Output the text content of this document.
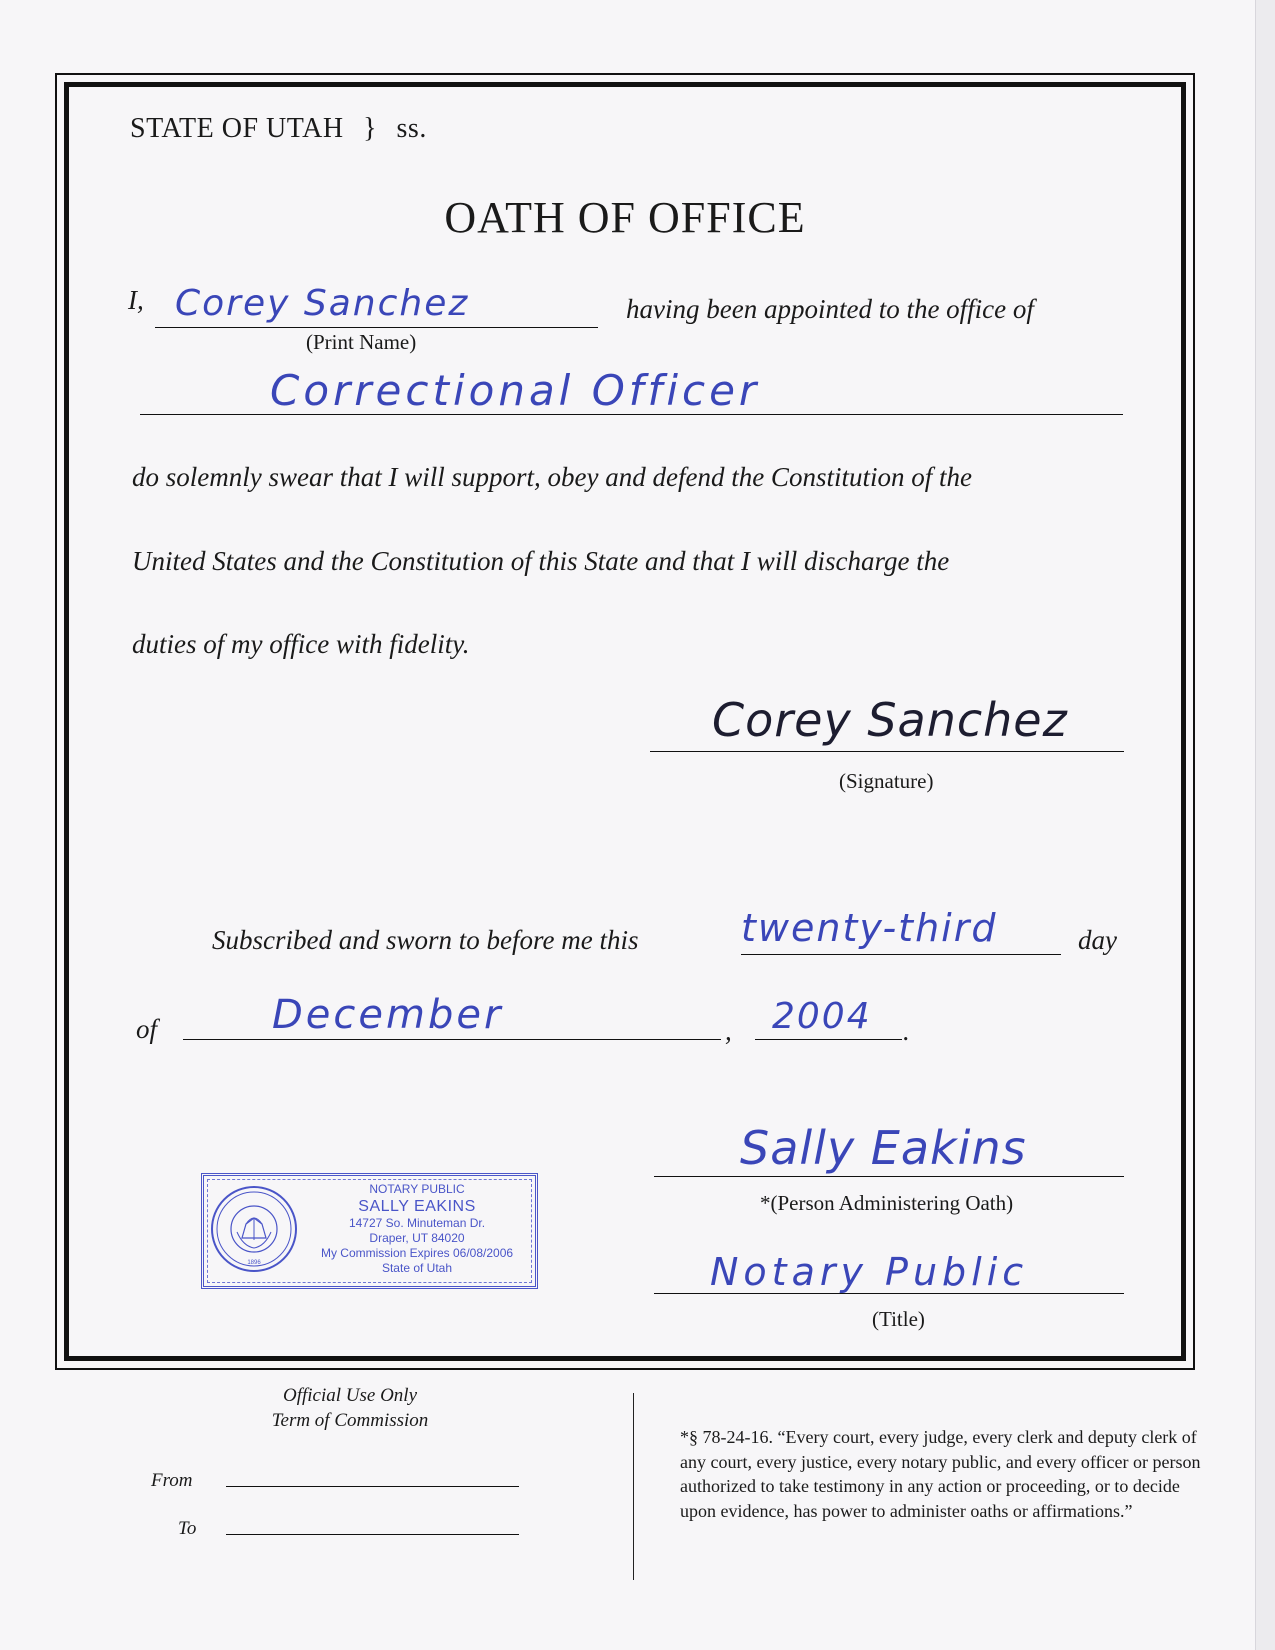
STATE OF UTAH } ss.
OATH OF OFFICE
I, Corey Sanchez
(Print Name)
having been appointed to the office of
Correctional Officer
do solemnly swear that I will support, obey and defend the Constitution of the
United States and the Constitution of this State and that I will discharge the
duties of my office with fidelity.
Corey Sanchez
(Signature)
Subscribed and sworn to before me this	twenty-third	day
of	December	, 2004 .
Sally Eakins
*(Person Administering Oath)
Notary Public
(Title)
1896
NOTARY PUBLIC
SALLY EAKINS
14727 So. Minuteman Dr.
Draper, UT 84020
My Commission Expires 06/08/2006
State of Utah
Official Use Only
Term of Commission
From
To
*§ 78-24-16. “Every court, every judge, every clerk and deputy clerk of any court, every justice, every notary public, and every officer or person authorized to take testimony in any action or proceeding, or to decide upon evidence, has power to administer oaths or affirmations.”
